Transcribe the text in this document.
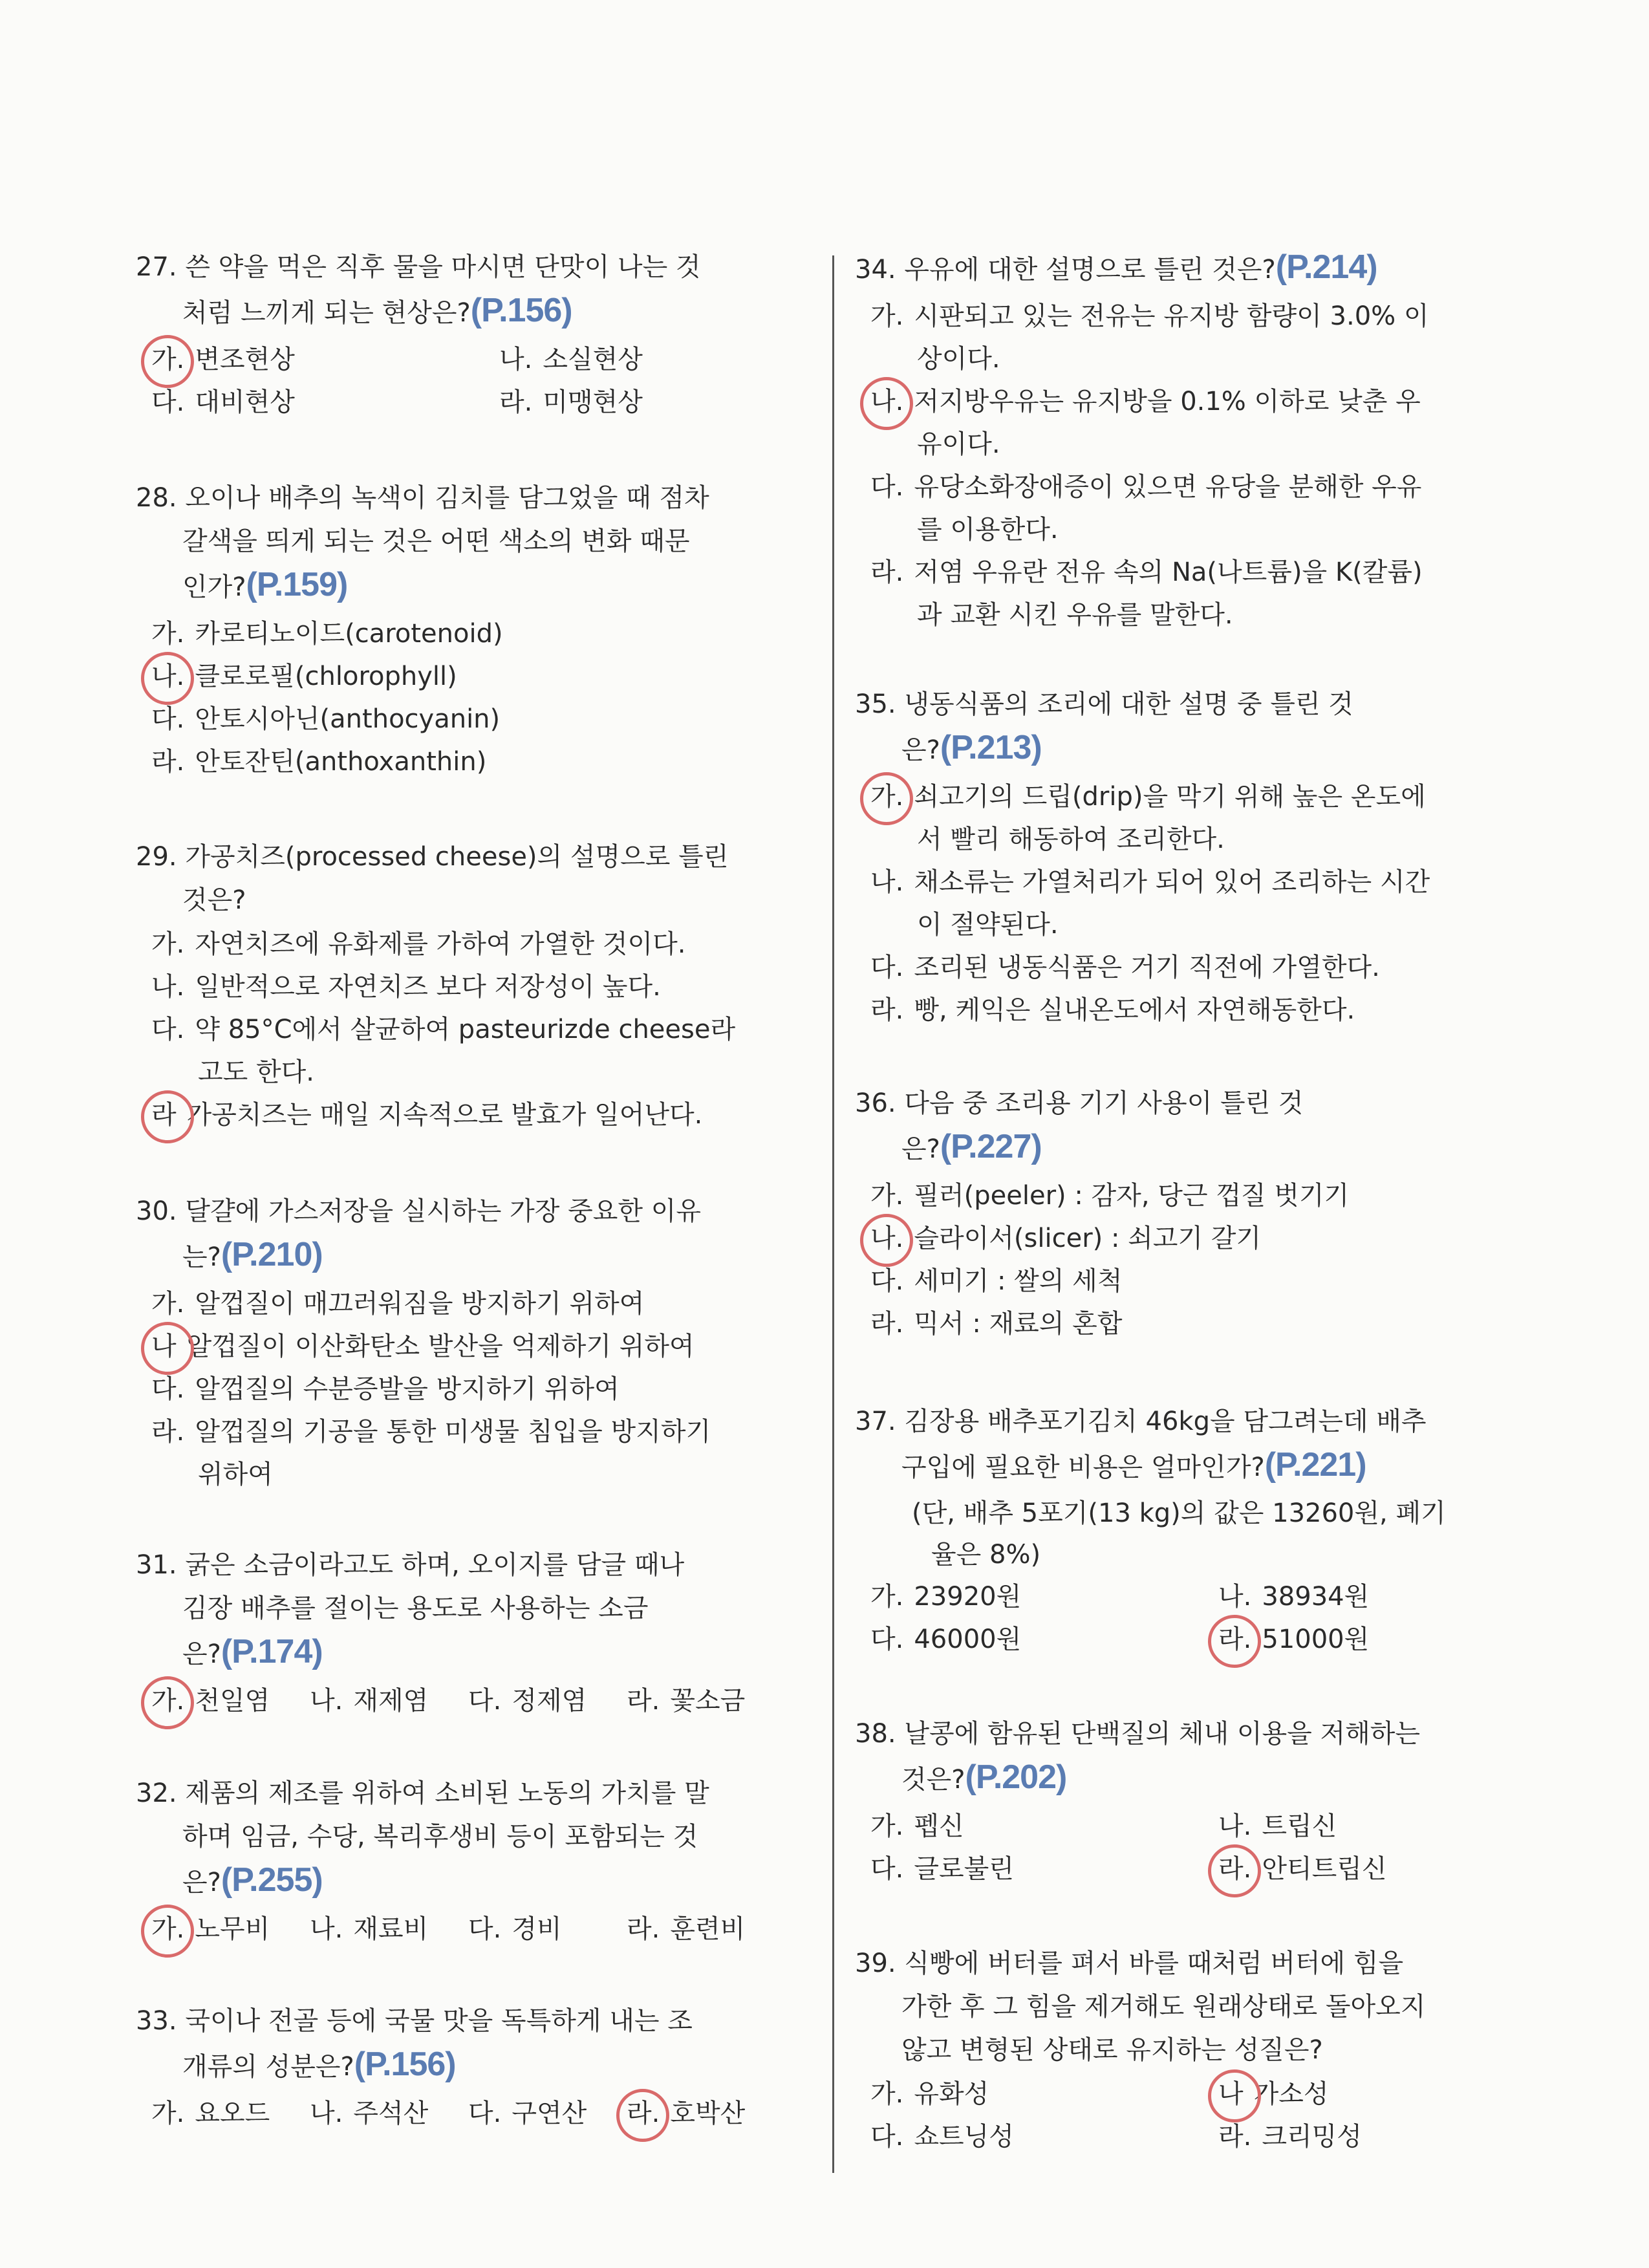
27. 쓴 약을 먹은 직후 물을 마시면 단맛이 나는 것
처럼 느끼게 되는 현상은?(P.156)
가. 변조현상	나. 소실현상
다. 대비현상	라. 미맹현상
28. 오이나 배추의 녹색이 김치를 담그었을 때 점차
갈색을 띄게 되는 것은 어떤 색소의 변화 때문
인가?(P.159)
가. 카로티노이드(carotenoid)
나. 클로로필(chlorophyll)
다. 안토시아닌(anthocyanin)
라. 안토잔틴(anthoxanthin)
29. 가공치즈(processed cheese)의 설명으로 틀린
것은?
가. 자연치즈에 유화제를 가하여 가열한 것이다.
나. 일반적으로 자연치즈 보다 저장성이 높다.
다. 약 85°C에서 살균하여 pasteurizde cheese라
고도 한다.
라 가공치즈는 매일 지속적으로 발효가 일어난다.
30. 달걀에 가스저장을 실시하는 가장 중요한 이유
는?(P.210)
가. 알껍질이 매끄러워짐을 방지하기 위하여
나 알껍질이 이산화탄소 발산을 억제하기 위하여
다. 알껍질의 수분증발을 방지하기 위하여
라. 알껍질의 기공을 통한 미생물 침입을 방지하기
위하여
31. 굵은 소금이라고도 하며, 오이지를 담글 때나
김장 배추를 절이는 용도로 사용하는 소금
은?(P.174)
가. 천일염 나. 재제염 다. 정제염 라. 꽃소금
32. 제품의 제조를 위하여 소비된 노동의 가치를 말
하며 임금, 수당, 복리후생비 등이 포함되는 것
은?(P.255)
가. 노무비 나. 재료비 다. 경비	라. 훈련비
33. 국이나 전골 등에 국물 맛을 독특하게 내는 조
개류의 성분은?(P.156)
가. 요오드 나. 주석산 다. 구연산 라. 호박산
34. 우유에 대한 설명으로 틀린 것은?(P.214)
가. 시판되고 있는 전유는 유지방 함량이 3.0% 이
상이다.
나. 저지방우유는 유지방을 0.1% 이하로 낮춘 우
유이다.
다. 유당소화장애증이 있으면 유당을 분해한 우유
를 이용한다.
라. 저염 우유란 전유 속의 Na(나트륨)을 K(칼륨)
과 교환 시킨 우유를 말한다.
35. 냉동식품의 조리에 대한 설명 중 틀린 것
은?(P.213)
가. 쇠고기의 드립(drip)을 막기 위해 높은 온도에
서 빨리 해동하여 조리한다.
나. 채소류는 가열처리가 되어 있어 조리하는 시간
이 절약된다.
다. 조리된 냉동식품은 거기 직전에 가열한다.
라. 빵, 케익은 실내온도에서 자연해동한다.
36. 다음 중 조리용 기기 사용이 틀린 것
은?(P.227)
가. 필러(peeler) : 감자, 당근 껍질 벗기기
나. 슬라이서(slicer) : 쇠고기 갈기
다. 세미기 : 쌀의 세척
라. 믹서 : 재료의 혼합
37. 김장용 배추포기김치 46kg을 담그려는데 배추
구입에 필요한 비용은 얼마인가?(P.221)
(단, 배추 5포기(13 kg)의 값은 13260원, 폐기
율은 8%)
가. 23920원	나. 38934원
다. 46000원	라. 51000원
38. 날콩에 함유된 단백질의 체내 이용을 저해하는
것은?(P.202)
가. 펩신	나. 트립신
다. 글로불린	라. 안티트립신
39. 식빵에 버터를 펴서 바를 때처럼 버터에 힘을
가한 후 그 힘을 제거해도 원래상태로 돌아오지
않고 변형된 상태로 유지하는 성질은?
가. 유화성	나 가소성
다. 쇼트닝성	라. 크리밍성
